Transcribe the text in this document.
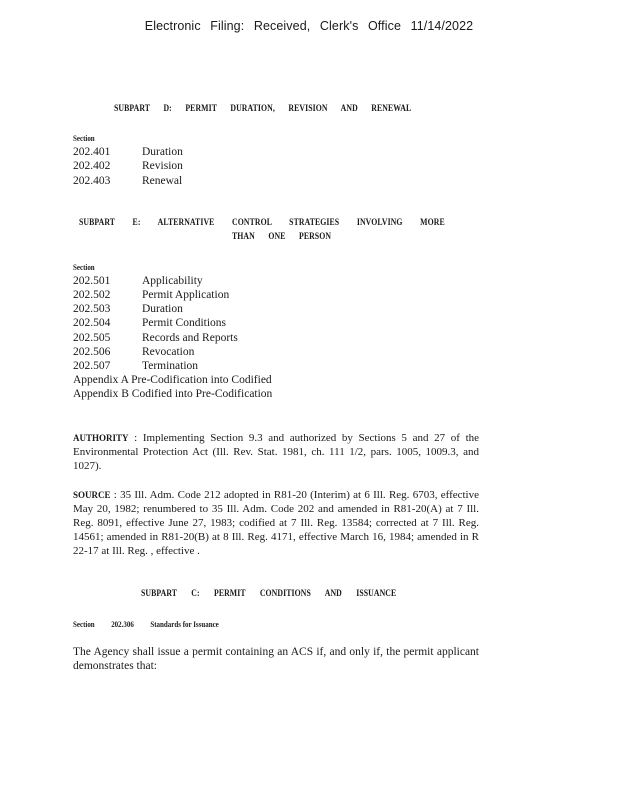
Electronic Filing: Received, Clerk's Office 11/14/2022
SUBPART D: PERMIT DURATION, REVISION AND RENEWAL
Section
202.401	Duration
202.402	Revision
202.403	Renewal
SUBPART E: ALTERNATIVE CONTROL STRATEGIES INVOLVING MORE
THAN ONE PERSON
Section
202.501	Applicability
202.502	Permit Application
202.503	Duration
202.504	Permit Conditions
202.505	Records and Reports
202.506	Revocation
202.507	Termination
Appendix A Pre-Codification into Codified
Appendix B Codified into Pre-Codification
AUTHORITY : Implementing Section 9.3 and authorized by Sections 5 and 27 of the Environmental Protection Act (Ill. Rev. Stat. 1981, ch. 111 1/2, pars. 1005, 1009.3, and 1027).
SOURCE : 35 Ill. Adm. Code 212 adopted in R81-20 (Interim) at 6 Ill. Reg. 6703, effective May 20, 1982; renumbered to 35 Ill. Adm. Code 202 and amended in R81-20(A) at 7 Ill. Reg. 8091, effective June 27, 1983; codified at 7 Ill. Reg. 13584; corrected at 7 Ill. Reg. 14561; amended in R81-20(B) at 8 Ill. Reg. 4171, effective March 16, 1984; amended in R 22-17 at Ill. Reg. , effective .
SUBPART C: PERMIT CONDITIONS AND ISSUANCE
Section 202.306 Standards for Issuance
The Agency shall issue a permit containing an ACS if, and only if, the permit applicant demonstrates that:
